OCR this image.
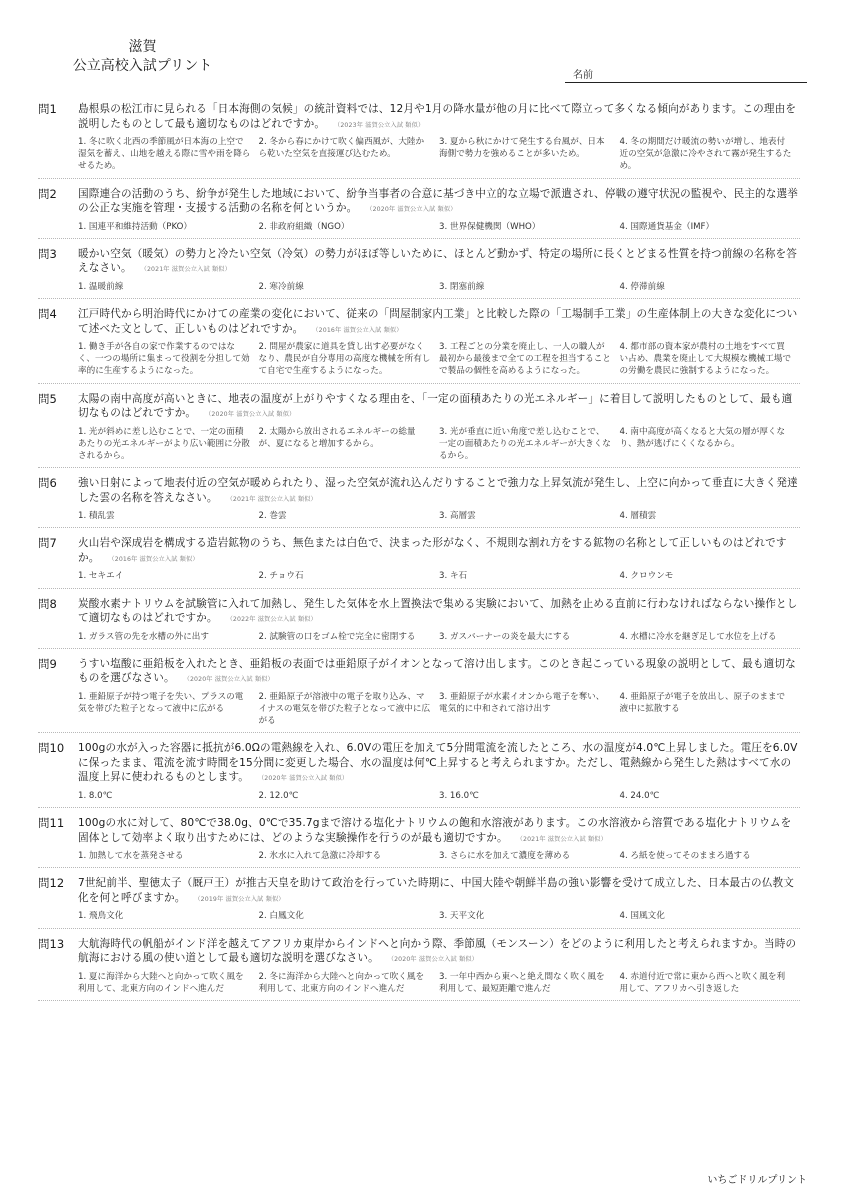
滋賀
公立高校入試プリント
名前
問1 島根県の松江市に見られる「日本海側の気候」の統計資料では、12月や1月の降水量が他の月に比べて際立って多くなる傾向があります。この理由を説明したものとして最も適切なものはどれですか。 （2023年 滋賀公立入試 類似）
1. 冬に吹く北西の季節風が日本海の上空で湿気を蓄え、山地を越える際に雪や雨を降らせるため。
2. 冬から春にかけて吹く偏西風が、大陸から乾いた空気を直接運び込むため。
3. 夏から秋にかけて発生する台風が、日本海側で勢力を強めることが多いため。
4. 冬の期間だけ暖流の勢いが増し、地表付近の空気が急激に冷やされて霧が発生するため。
問2 国際連合の活動のうち、紛争が発生した地域において、紛争当事者の合意に基づき中立的な立場で派遣され、停戦の遵守状況の監視や、民主的な選挙の公正な実施を管理・支援する活動の名称を何というか。 （2020年 滋賀公立入試 類似）
1. 国連平和維持活動（PKO）	2. 非政府組織（NGO）	3. 世界保健機関（WHO）	4. 国際通貨基金（IMF）
問3 暖かい空気（暖気）の勢力と冷たい空気（冷気）の勢力がほぼ等しいために、ほとんど動かず、特定の場所に長くとどまる性質を持つ前線の名称を答えなさい。 （2021年 滋賀公立入試 類似）
1. 温暖前線	2. 寒冷前線	3. 閉塞前線	4. 停滞前線
問4 江戸時代から明治時代にかけての産業の変化において、従来の「問屋制家内工業」と比較した際の「工場制手工業」の生産体制上の大きな変化について述べた文として、正しいものはどれですか。 （2016年 滋賀公立入試 類似）
1. 働き手が各自の家で作業するのではなく、一つの場所に集まって役割を分担して効率的に生産するようになった。
2. 問屋が農家に道具を貸し出す必要がなくなり、農民が自分専用の高度な機械を所有して自宅で生産するようになった。
3. 工程ごとの分業を廃止し、一人の職人が最初から最後まで全ての工程を担当することで製品の個性を高めるようになった。
4. 都市部の資本家が農村の土地をすべて買い占め、農業を廃止して大規模な機械工場での労働を農民に強制するようになった。
問5 太陽の南中高度が高いときに、地表の温度が上がりやすくなる理由を、「一定の面積あたりの光エネルギー」に着目して説明したものとして、最も適切なものはどれですか。 （2020年 滋賀公立入試 類似）
1. 光が斜めに差し込むことで、一定の面積あたりの光エネルギーがより広い範囲に分散されるから。
2. 太陽から放出されるエネルギーの総量が、夏になると増加するから。
3. 光が垂直に近い角度で差し込むことで、一定の面積あたりの光エネルギーが大きくなるから。
4. 南中高度が高くなると大気の層が厚くなり、熱が逃げにくくなるから。
問6 強い日射によって地表付近の空気が暖められたり、湿った空気が流れ込んだりすることで強力な上昇気流が発生し、上空に向かって垂直に大きく発達した雲の名称を答えなさい。 （2021年 滋賀公立入試 類似）
1. 積乱雲	2. 巻雲	3. 高層雲	4. 層積雲
問7 火山岩や深成岩を構成する造岩鉱物のうち、無色または白色で、決まった形がなく、不規則な割れ方をする鉱物の名称として正しいものはどれですか。 （2016年 滋賀公立入試 類似）
1. セキエイ	2. チョウ石	3. キ石	4. クロウンモ
問8 炭酸水素ナトリウムを試験管に入れて加熱し、発生した気体を水上置換法で集める実験において、加熱を止める直前に行わなければならない操作として適切なものはどれですか。 （2022年 滋賀公立入試 類似）
1. ガラス管の先を水槽の外に出す	2. 試験管の口をゴム栓で完全に密閉する	3. ガスバーナーの炎を最大にする	4. 水槽に冷水を継ぎ足して水位を上げる
問9 うすい塩酸に亜鉛板を入れたとき、亜鉛板の表面では亜鉛原子がイオンとなって溶け出します。このとき起こっている現象の説明として、最も適切なものを選びなさい。 （2020年 滋賀公立入試 類似）
1. 亜鉛原子が持つ電子を失い、プラスの電気を帯びた粒子となって液中に広がる
2. 亜鉛原子が溶液中の電子を取り込み、マイナスの電気を帯びた粒子となって液中に広がる
3. 亜鉛原子が水素イオンから電子を奪い、電気的に中和されて溶け出す
4. 亜鉛原子が電子を放出し、原子のままで液中に拡散する
問10 100gの水が入った容器に抵抗が6.0Ωの電熱線を入れ、6.0Vの電圧を加えて5分間電流を流したところ、水の温度が4.0℃上昇しました。電圧を6.0Vに保ったまま、電流を流す時間を15分間に変更した場合、水の温度は何℃上昇すると考えられますか。ただし、電熱線から発生した熱はすべて水の温度上昇に使われるものとします。 （2020年 滋賀公立入試 類似）
1. 8.0℃	2. 12.0℃	3. 16.0℃	4. 24.0℃
問11 100gの水に対して、80℃で38.0g、0℃で35.7gまで溶ける塩化ナトリウムの飽和水溶液があります。この水溶液から溶質である塩化ナトリウムを固体として効率よく取り出すためには、どのような実験操作を行うのが最も適切ですか。 （2021年 滋賀公立入試 類似）
1. 加熱して水を蒸発させる	2. 氷水に入れて急激に冷却する	3. さらに水を加えて濃度を薄める	4. ろ紙を使ってそのままろ過する
問12 7世紀前半、聖徳太子（厩戸王）が推古天皇を助けて政治を行っていた時期に、中国大陸や朝鮮半島の強い影響を受けて成立した、日本最古の仏教文化を何と呼びますか。 （2019年 滋賀公立入試 類似）
1. 飛鳥文化	2. 白鳳文化	3. 天平文化	4. 国風文化
問13 大航海時代の帆船がインド洋を越えてアフリカ東岸からインドへと向かう際、季節風（モンスーン）をどのように利用したと考えられますか。当時の航海における風の使い道として最も適切な説明を選びなさい。 （2020年 滋賀公立入試 類似）
1. 夏に海洋から大陸へと向かって吹く風を利用して、北東方向のインドへ進んだ
2. 冬に海洋から大陸へと向かって吹く風を利用して、北東方向のインドへ進んだ
3. 一年中西から東へと絶え間なく吹く風を利用して、最短距離で進んだ
4. 赤道付近で常に東から西へと吹く風を利用して、アフリカへ引き返した
いちごドリルプリント
